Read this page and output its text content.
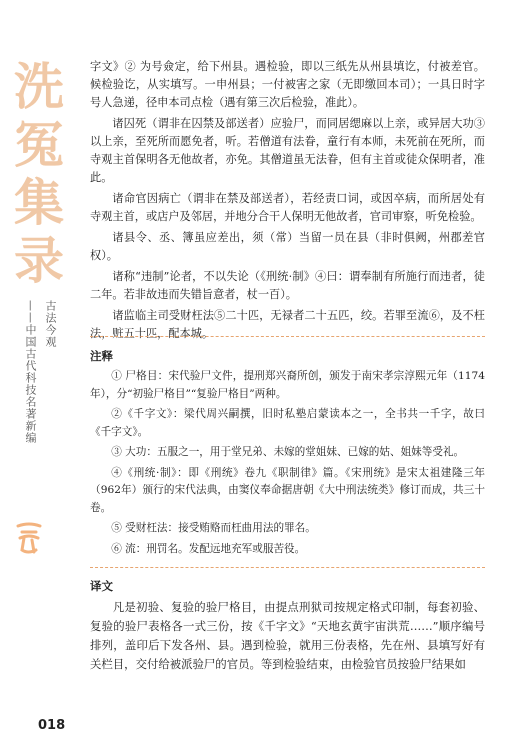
洗
冤
集
录
古法今观
——中国古代科技名著新编
018

字文》② 为号僉定，给下州县。遇检验，即以三纸先从州县填讫，付被差官。候检验讫，从实填写。一申州县；一付被害之家（无即缴回本司）；一具日时字号人急递，径申本司点检（遇有第三次后检验，准此）。

诸囚死（谓非在囚禁及部送者）应验尸，而同居缌麻以上亲，或异居大功③以上亲，至死所而愿免者，听。若僧道有法眷，童行有本师，未死前在死所，而寺观主首保明各无他故者，亦免。其僧道虽无法眷，但有主首或徒众保明者，准此。

诸命官因病亡（谓非在禁及部送者），若经责口词，或因卒病，而所居处有寺观主首，或店户及邻居，并地分合干人保明无他故者，官司审察，听免检验。

诸县令、丞、簿虽应差出，须（常）当留一员在县（非时俱阙，州郡差官权）。

诸称“违制”论者，不以失论（《刑统·制》④曰：谓奉制有所施行而违者，徒二年。若非故违而失错旨意者，杖一百）。

诸监临主司受财枉法⑤二十匹，无禄者二十五匹，绞。若罪至流⑥，及不枉法，赃五十匹，配本城。

注释

① 尸格目：宋代验尸文件，提刑郑兴裔所创，颁发于南宋孝宗淳熙元年（1174年），分“初验尸格目”“复验尸格目”两种。

②《千字文》：梁代周兴嗣撰，旧时私塾启蒙读本之一，全书共一千字，故曰《千字文》。

③ 大功：五服之一，用于堂兄弟、未嫁的堂姐妹、已嫁的姑、姐妹等受礼。

④《刑统·制》：即《刑统》卷九《职制律》篇。《宋刑统》是宋太祖建隆三年（962年）颁行的宋代法典，由窦仪奉命据唐朝《大中刑法统类》修订而成，共三十卷。

⑤ 受财枉法：接受贿赂而枉曲用法的罪名。

⑥ 流：刑罚名。发配远地充军或服苦役。

译文

凡是初验、复验的验尸格目，由提点刑狱司按规定格式印制，每套初验、复验的验尸表格各一式三份，按《千字文》“天地玄黄宇宙洪荒……”顺序编号排列，盖印后下发各州、县。遇到检验，就用三份表格，先在州、县填写好有关栏目，交付给被派验尸的官员。等到检验结束，由检验官员按验尸结果如
